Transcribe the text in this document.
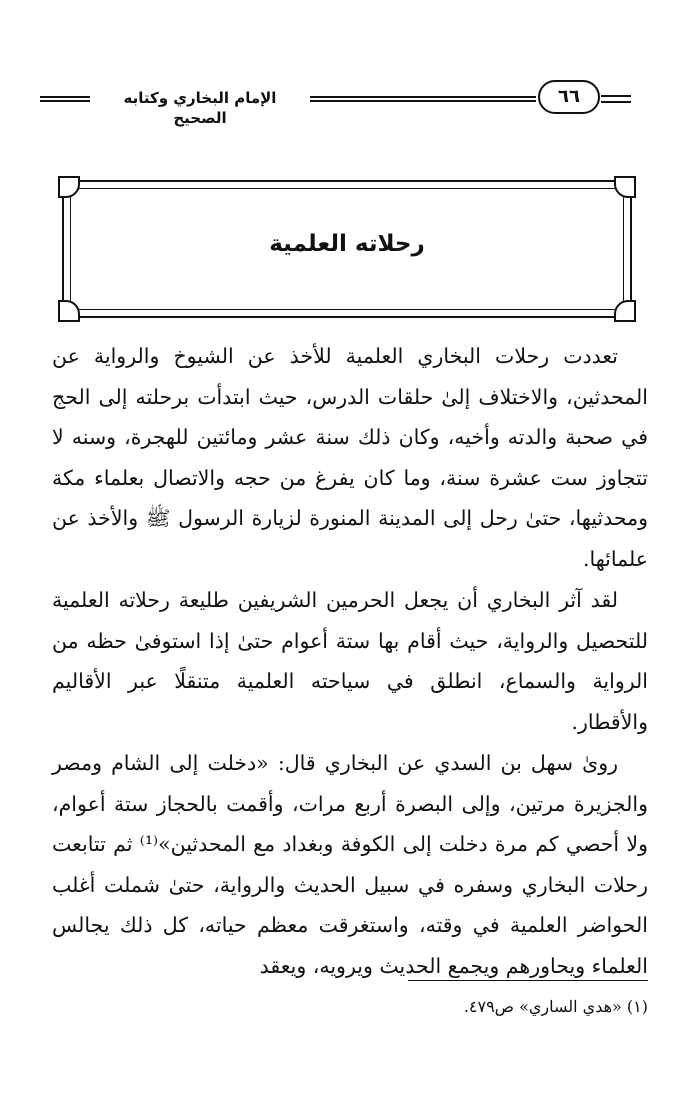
الإمام البخاري وكتابه الصحيح
٦٦
رحلاته العلمية

تعددت رحلات البخاري العلمية للأخذ عن الشيوخ والرواية عن المحدثين، والاختلاف إلىٰ حلقات الدرس، حيث ابتدأت برحلته إلى الحج في صحبة والدته وأخيه، وكان ذلك سنة عشر ومائتين للهجرة، وسنه لا تتجاوز ست عشرة سنة، وما كان يفرغ من حجه والاتصال بعلماء مكة ومحدثيها، حتىٰ رحل إلى المدينة المنورة لزيارة الرسول ﷺ والأخذ عن علمائها.

لقد آثر البخاري أن يجعل الحرمين الشريفين طليعة رحلاته العلمية للتحصيل والرواية، حيث أقام بها ستة أعوام حتىٰ إذا استوفىٰ حظه من الرواية والسماع، انطلق في سياحته العلمية متنقلًا عبر الأقاليم والأقطار.

روىٰ سهل بن السدي عن البخاري قال: «دخلت إلى الشام ومصر والجزيرة مرتين، وإلى البصرة أربع مرات، وأقمت بالحجاز ستة أعوام، ولا أحصي كم مرة دخلت إلى الكوفة وبغداد مع المحدثين»⁽¹⁾ ثم تتابعت رحلات البخاري وسفره في سبيل الحديث والرواية، حتىٰ شملت أغلب الحواضر العلمية في وقته، واستغرقت معظم حياته، كل ذلك يجالس العلماء ويحاورهم ويجمع الحديث ويرويه، ويعقد

(١) «هدي الساري» ص٤٧٩.
